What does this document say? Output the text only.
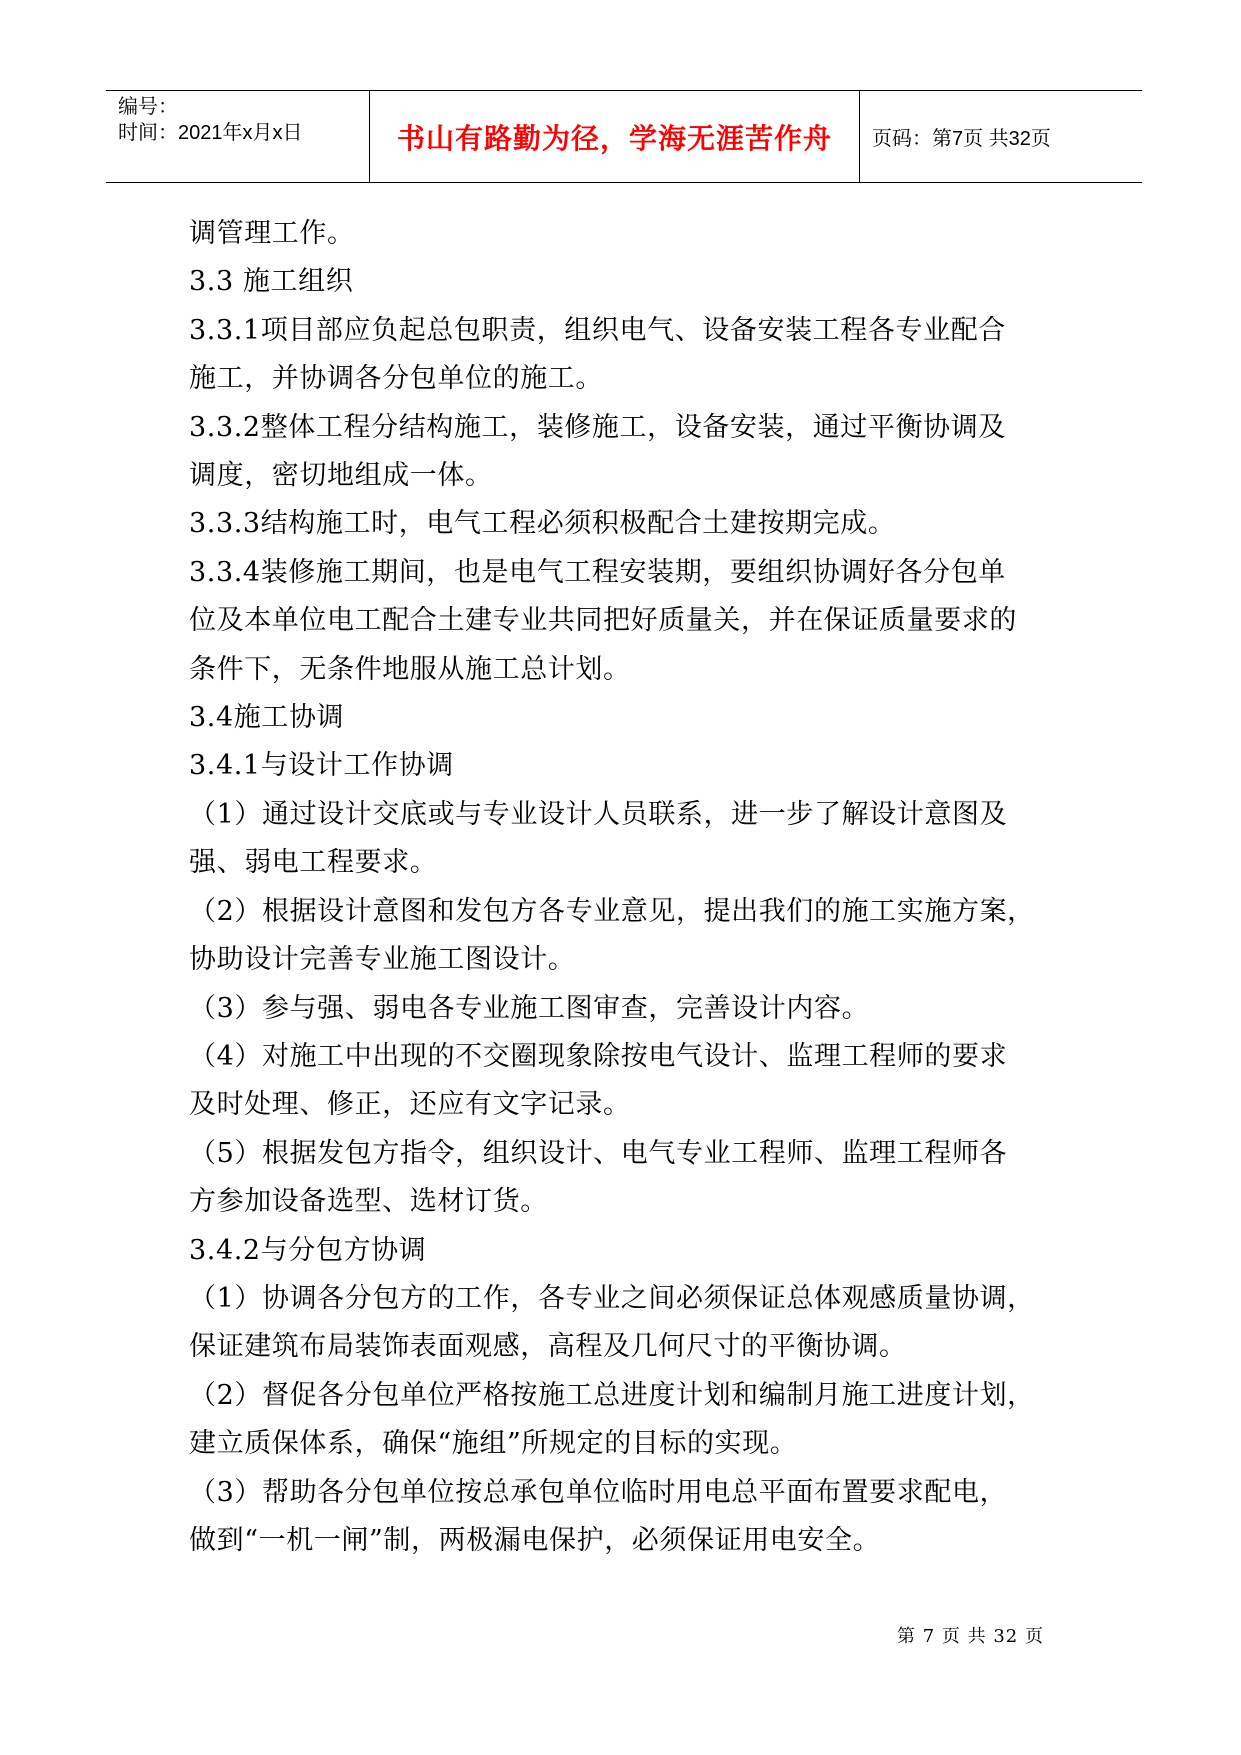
编号：
时间：2021年x月x日	书山有路勤为径，学海无涯苦作舟 页码：第7页 共32页

调管理工作。

3.3 施工组织

3.3.1项目部应负起总包职责，组织电气、设备安装工程各专业配合

施工，并协调各分包单位的施工。

3.3.2整体工程分结构施工，装修施工，设备安装，通过平衡协调及

调度，密切地组成一体。

3.3.3结构施工时，电气工程必须积极配合土建按期完成。

3.3.4装修施工期间，也是电气工程安装期，要组织协调好各分包单

位及本单位电工配合土建专业共同把好质量关，并在保证质量要求的

条件下，无条件地服从施工总计划。

3.4施工协调

3.4.1与设计工作协调

（1）通过设计交底或与专业设计人员联系，进一步了解设计意图及

强、弱电工程要求。

（2）根据设计意图和发包方各专业意见，提出我们的施工实施方案，

协助设计完善专业施工图设计。

（3）参与强、弱电各专业施工图审查，完善设计内容。

（4）对施工中出现的不交圈现象除按电气设计、监理工程师的要求

及时处理、修正，还应有文字记录。

（5）根据发包方指令，组织设计、电气专业工程师、监理工程师各

方参加设备选型、选材订货。

3.4.2与分包方协调

（1）协调各分包方的工作，各专业之间必须保证总体观感质量协调，

保证建筑布局装饰表面观感，高程及几何尺寸的平衡协调。

（2）督促各分包单位严格按施工总进度计划和编制月施工进度计划，

建立质保体系，确保“施组”所规定的目标的实现。

（3）帮助各分包单位按总承包单位临时用电总平面布置要求配电，

做到“一机一闸”制，两极漏电保护，必须保证用电安全。

第 7 页 共 32 页
